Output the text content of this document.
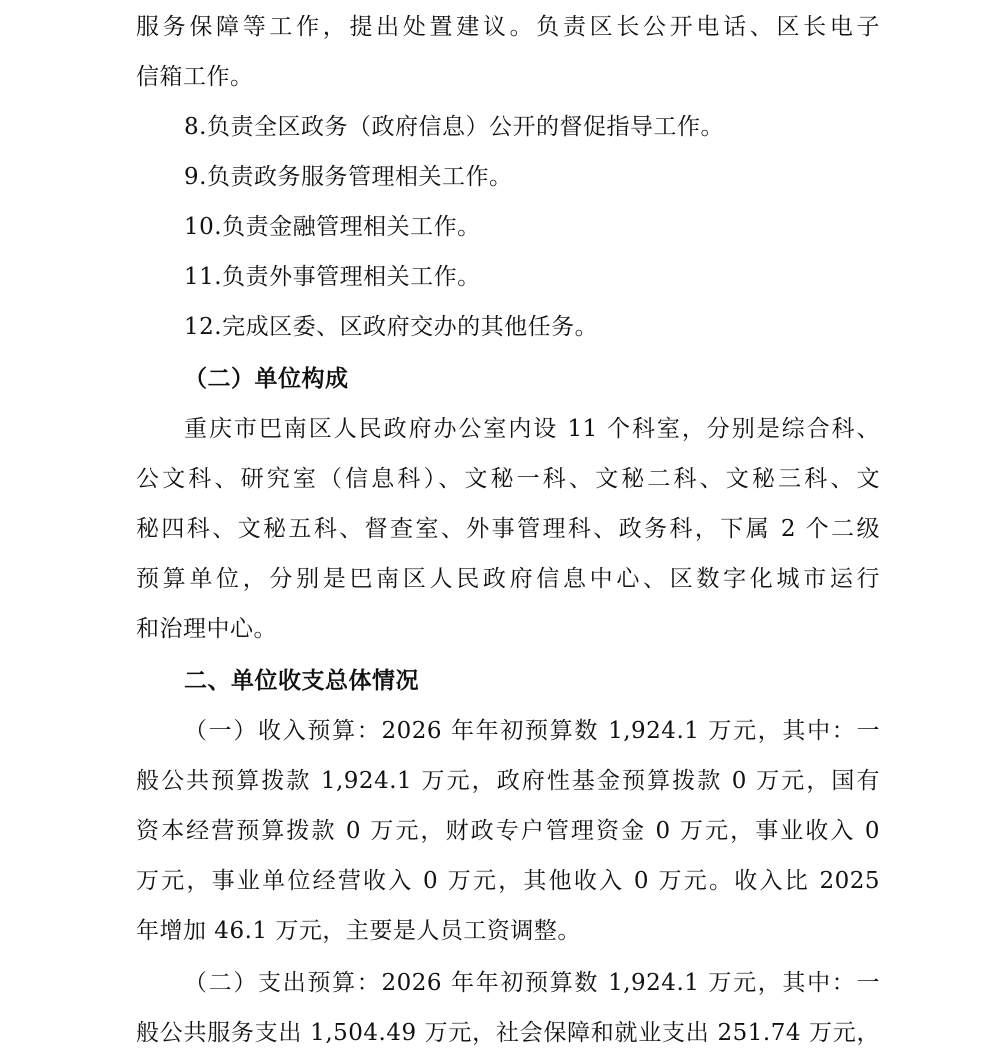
服务保障等工作，提出处置建议。负责区长公开电话、区长电子
信箱工作。
8.负责全区政务（政府信息）公开的督促指导工作。
9.负责政务服务管理相关工作。
10.负责金融管理相关工作。
11.负责外事管理相关工作。
12.完成区委、区政府交办的其他任务。
（二）单位构成
重庆市巴南区人民政府办公室内设 11 个科室，分别是综合科、
公文科、研究室（信息科）、文秘一科、文秘二科、文秘三科、文
秘四科、文秘五科、督查室、外事管理科、政务科，下属 2 个二级
预算单位，分别是巴南区人民政府信息中心、区数字化城市运行
和治理中心。
二、单位收支总体情况
（一）收入预算：2026 年年初预算数 1,924.1 万元，其中：一
般公共预算拨款 1,924.1 万元，政府性基金预算拨款 0 万元，国有
资本经营预算拨款 0 万元，财政专户管理资金 0 万元，事业收入 0
万元，事业单位经营收入 0 万元，其他收入 0 万元。收入比 2025
年增加 46.1 万元，主要是人员工资调整。
（二）支出预算：2026 年年初预算数 1,924.1 万元，其中：一
般公共服务支出 1,504.49 万元，社会保障和就业支出 251.74 万元，
